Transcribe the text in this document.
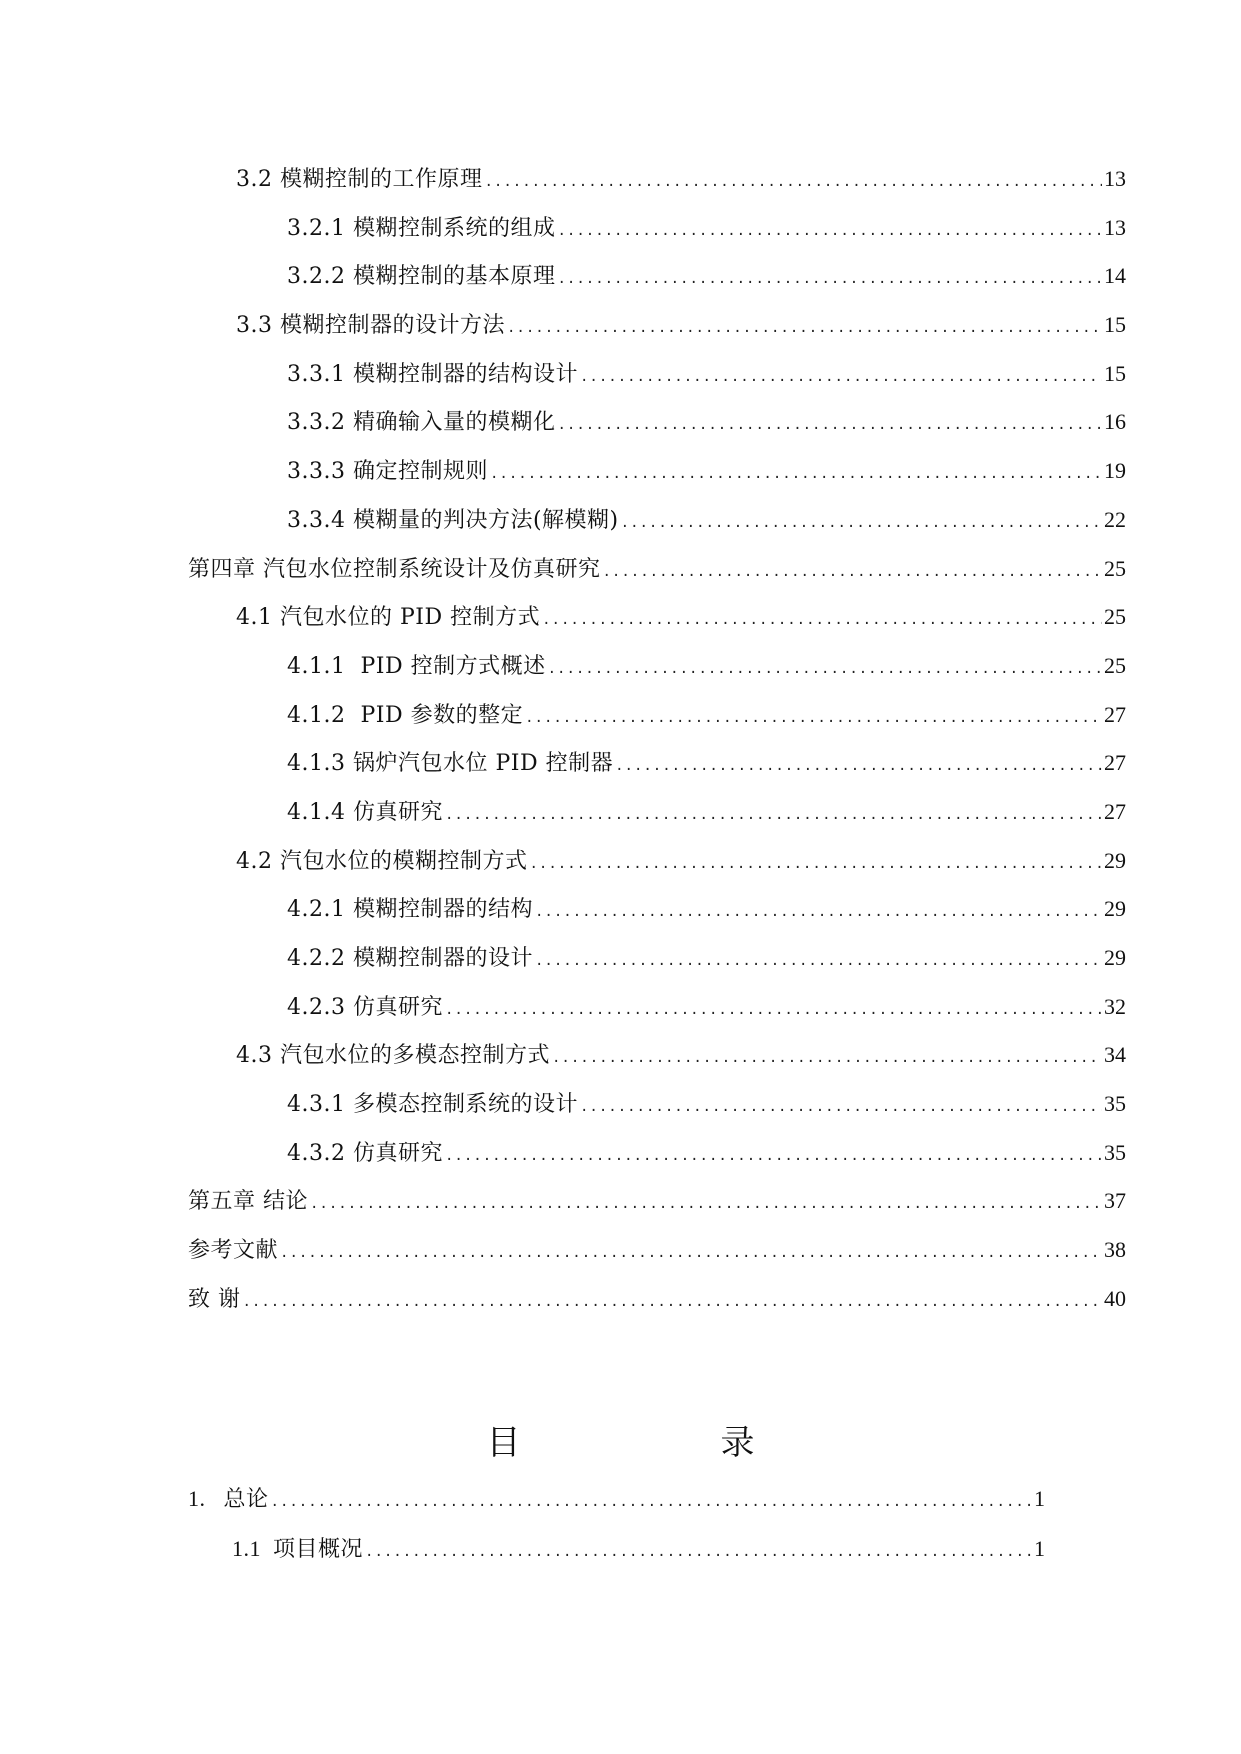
3.2 模糊控制的工作原理 .....	13
3.2.1 模糊控制系统的组成 .....	13
3.2.2 模糊控制的基本原理 .....	14
3.3 模糊控制器的设计方法 .....	15
3.3.1 模糊控制器的结构设计 .....	15
3.3.2 精确输入量的模糊化 .....	16
3.3.3 确定控制规则 .....	19
3.3.4 模糊量的判决方法(解模糊) .....	22
第四章 汽包水位控制系统设计及仿真研究 .....	25
4.1 汽包水位的 PID 控制方式 .....	25
4.1.1  PID 控制方式概述 .....	25
4.1.2  PID 参数的整定 .....	27
4.1.3 锅炉汽包水位 PID 控制器 .....	27
4.1.4 仿真研究 .....	27
4.2 汽包水位的模糊控制方式 .....	29
4.2.1 模糊控制器的结构 .....	29
4.2.2 模糊控制器的设计 .....	29
4.2.3 仿真研究 .....	32
4.3 汽包水位的多模态控制方式 .....	34
4.3.1 多模态控制系统的设计 .....	35
4.3.2 仿真研究 .....	35
第五章 结论 .....	37
参考文献 .....	38
致 谢 .....	40
目	录
1.   总论 .....	1
1.1  项目概况 .....	1
